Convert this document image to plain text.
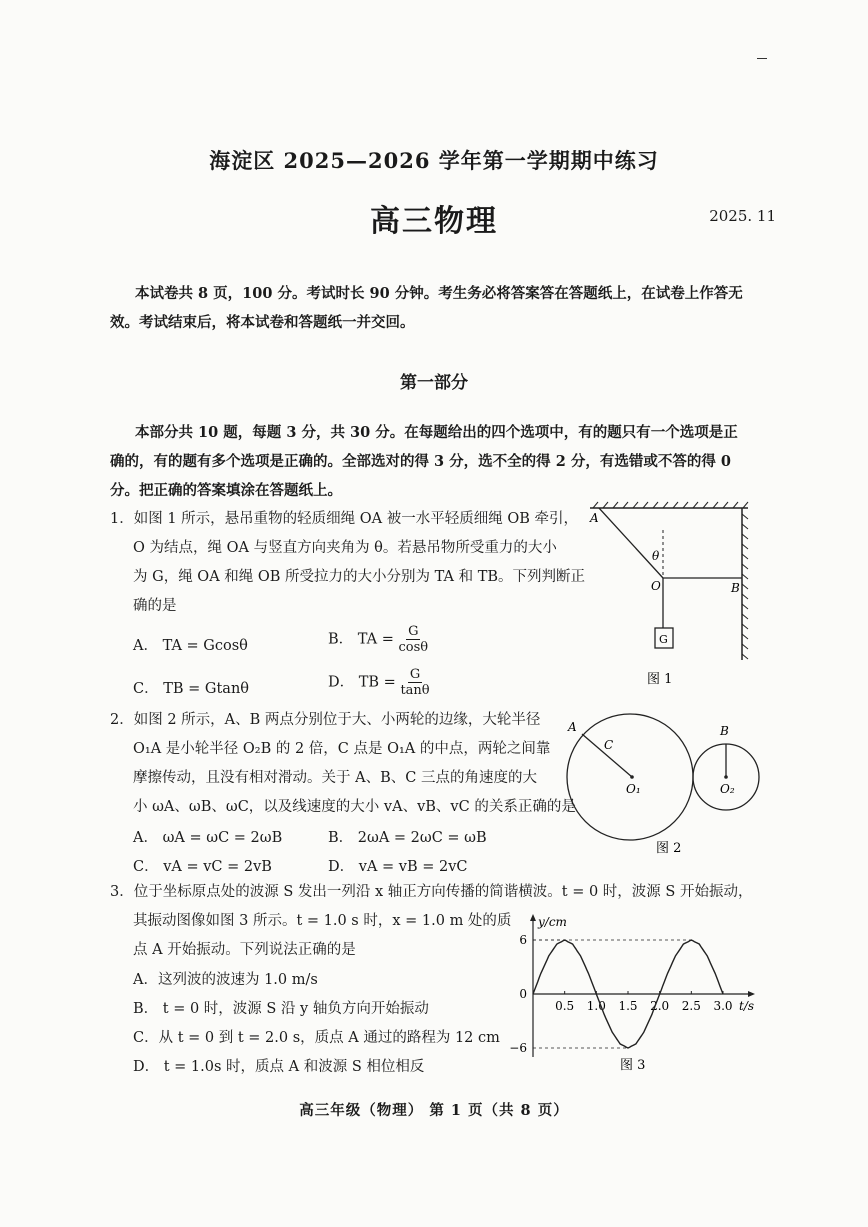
海淀区 2025—2026 学年第一学期期中练习
高三物理	2025. 11
本试卷共 8 页，100 分。考试时长 90 分钟。考生务必将答案答在答题纸上，在试卷上作答无
效。考试结束后，将本试卷和答题纸一并交回。
第一部分
本部分共 10 题，每题 3 分，共 30 分。在每题给出的四个选项中，有的题只有一个选项是正
确的，有的题有多个选项是正确的。全部选对的得 3 分，选不全的得 2 分，有选错或不答的得 0
分。把正确的答案填涂在答题纸上。
1．如图 1 所示，悬吊重物的轻质细绳 OA 被一水平轻质细绳 OB 牵引，
O 为结点，绳 OA 与竖直方向夹角为 θ。若悬吊物所受重力的大小
为 G，绳 OA 和绳 OB 所受拉力的大小分别为 TA 和 TB。下列判断正
确的是
A． TA = Gcosθ	B． TA = $\frac{G}{\cos\theta}$
C． TB = Gtanθ	D． TB = $\frac{G}{\tan\theta}$
A
θ
O	B
G
图 1
2．如图 2 所示，A、B 两点分别位于大、小两轮的边缘，大轮半径
O₁A 是小轮半径 O₂B 的 2 倍，C 点是 O₁A 的中点，两轮之间靠
摩擦传动，且没有相对滑动。关于 A、B、C 三点的角速度的大
小 ωA、ωB、ωC，以及线速度的大小 vA、vB、vC 的关系正确的是
A． ωA = ωC = 2ωB	B． 2ωA = 2ωC = ωB
C． vA = vC = 2vB	D． vA = vB = 2vC
A
C
O₁
B
O₂
图 2
3．位于坐标原点处的波源 S 发出一列沿 x 轴正方向传播的简谐横波。t = 0 时，波源 S 开始振动，
其振动图像如图 3 所示。t = 1.0 s 时，x = 1.0 m 处的质
点 A 开始振动。下列说法正确的是
A．这列波的波速为 1.0 m/s
B． t = 0 时，波源 S 沿 y 轴负方向开始振动
C．从 t = 0 到 t = 2.0 s，质点 A 通过的路程为 12 cm
D． t = 1.0s 时，质点 A 和波源 S 相位相反
y/cm
t/s
6
0
−6
0.5 1.0 1.5 2.0 2.5 3.0
图 3
高三年级（物理） 第 1 页（共 8 页）
